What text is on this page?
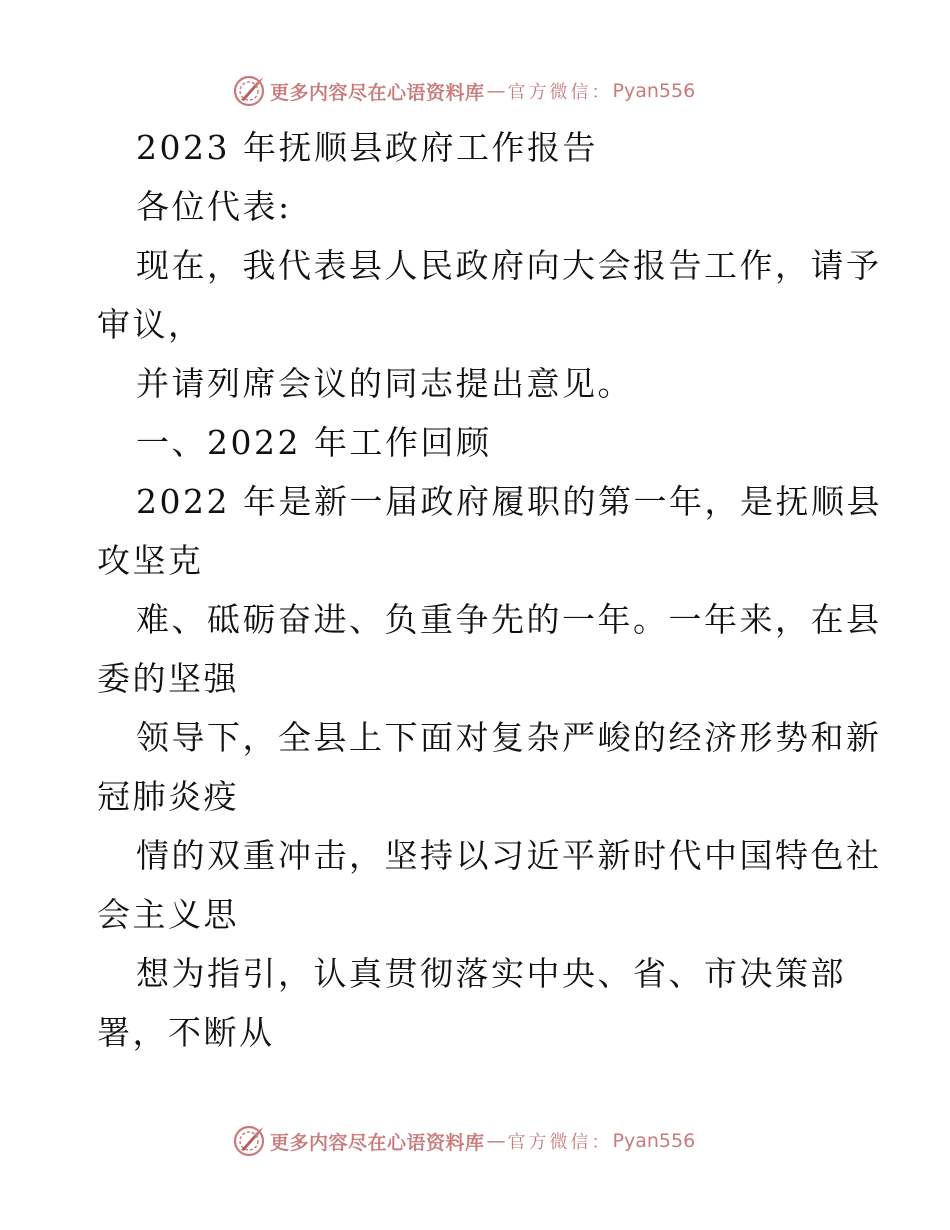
更多内容尽在心语资料库 — 官方微信： Pyan556
2023 年抚顺县政府工作报告
各位代表:
现在，我代表县人民政府向大会报告工作，请予
审议，
并请列席会议的同志提出意见。
一、2022 年工作回顾
2022 年是新一届政府履职的第一年，是抚顺县
攻坚克
难、砥砺奋进、负重争先的一年。一年来，在县
委的坚强
领导下，全县上下面对复杂严峻的经济形势和新
冠肺炎疫
情的双重冲击，坚持以习近平新时代中国特色社
会主义思
想为指引，认真贯彻落实中央、省、市决策部
署，不断从
更多内容尽在心语资料库 — 官方微信： Pyan556
